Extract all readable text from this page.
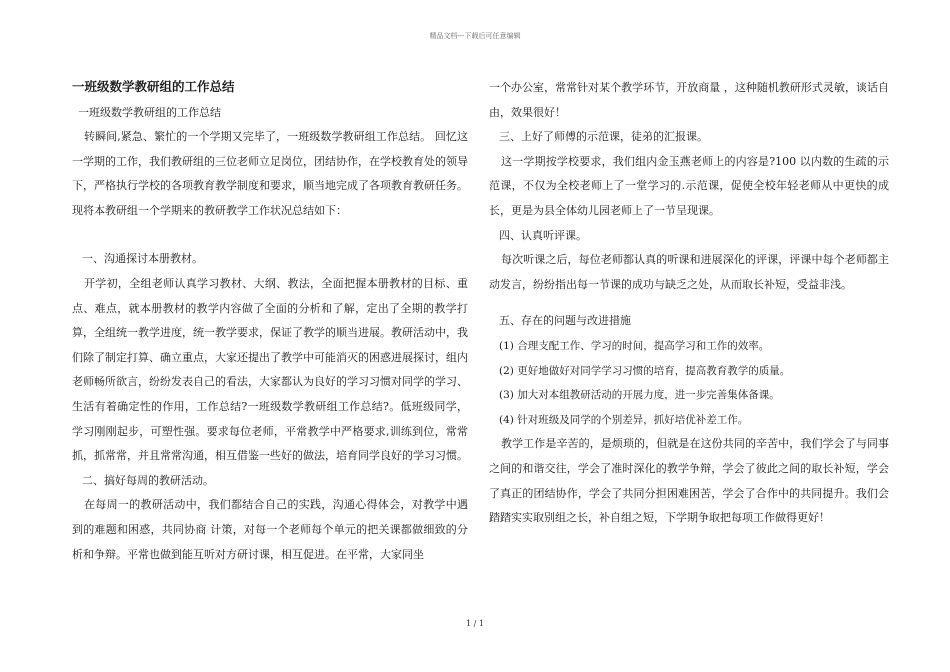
精品文档---下载后可任意编辑
一班级数学教研组的工作总结

一班级数学教研组的工作总结

转瞬间,紧急、繁忙的一个学期又完毕了，一班级数学教研组工作总结。 回忆这一学期的工作，我们教研组的三位老师立足岗位，团结协作，在学校教育处的领导下，严格执行学校的各项教育教学制度和要求，顺当地完成了各项教育教研任务。现将本教研组一个学期来的教研教学工作状况总结如下：

一、沟通探讨本册教材。

开学初，全组老师认真学习教材、大纲、教法，全面把握本册教材的目标、重点、难点，就本册教材的教学内容做了全面的分析和了解，定出了全期的教学打算，全组统一教学进度，统一教学要求，保证了教学的顺当进展。教研活动中，我们除了制定打算、确立重点，大家还提出了教学中可能消灭的困惑进展探讨，组内老师畅所欲言，纷纷发表自己的看法，大家都认为良好的学习习惯对同学的学习、生活有着确定性的作用，工作总结?一班级数学教研组工作总结?。低班级同学，学习刚刚起步，可塑性强。要求每位老师，平常教学中严格要求,训练到位，常常抓，抓常常，并且常常沟通，相互借鉴一些好的做法，培育同学良好的学习习惯。

二、搞好每周的教研活动。

在每周一的教研活动中，我们都结合自己的实践，沟通心得体会，对教学中遇到的难题和困惑，共同协商 计策，对每一个老师每个单元的把关课都做细致的分析和争辩。平常也做到能互听对方研讨课，相互促进。在平常，大家同坐

一个办公室，常常针对某个教学环节，开放商量 ，这种随机教研形式灵敏，谈话自由，效果很好！

三、上好了师傅的示范课，徒弟的汇报课。

这一学期按学校要求，我们组内金玉燕老师上的内容是?100 以内数的生疏的示范课，不仅为全校老师上了一堂学习的.示范课，促使全校年轻老师从中更快的成长，更是为县全体幼儿园老师上了一节呈现课。

四、认真听评课。

每次听课之后，每位老师都认真的听课和进展深化的评课，评课中每个老师都主动发言，纷纷指出每一节课的成功与缺乏之处，从而取长补短，受益非浅。

五、存在的问题与改进措施

(1) 合理支配工作、学习的时间，提高学习和工作的效率。

(2) 更好地做好对同学学习习惯的培育，提高教育教学的质量。

(3) 加大对本组教研活动的开展力度，进一步完善集体备课。

(4) 针对班级及同学的个别差异，抓好培优补差工作。

教学工作是辛苦的，是烦琐的，但就是在这份共同的辛苦中，我们学会了与同事之间的和谐交往，学会了准时深化的教学争辩，学会了彼此之间的取长补短，学会了真正的团结协作，学会了共同分担困难困苦，学会了合作中的共同提升。我们会踏踏实实取别组之长，补自组之短，下学期争取把每项工作做得更好！

1 / 1
